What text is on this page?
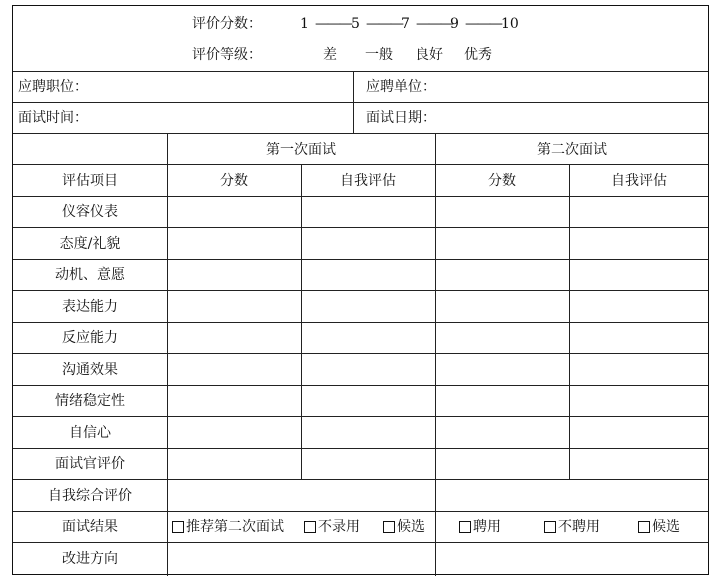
评价分数：	1 ——— 5 ——— 7 ———
9 ——— 10
评价等级：	差 一般 良好 优秀
应聘职位：	应聘单位：
面试时间：	面试日期：
第一次面试	第二次面试
评估项目	分数	自我评估	分数	自我评估
仪容仪表
态度/礼貌
动机、意愿
表达能力
反应能力
沟通效果
情绪稳定性
自信心
面试官评价
自我综合评价
面试结果	推荐第二次面试 不录用	候选	聘用	不聘用	候选
改进方向
